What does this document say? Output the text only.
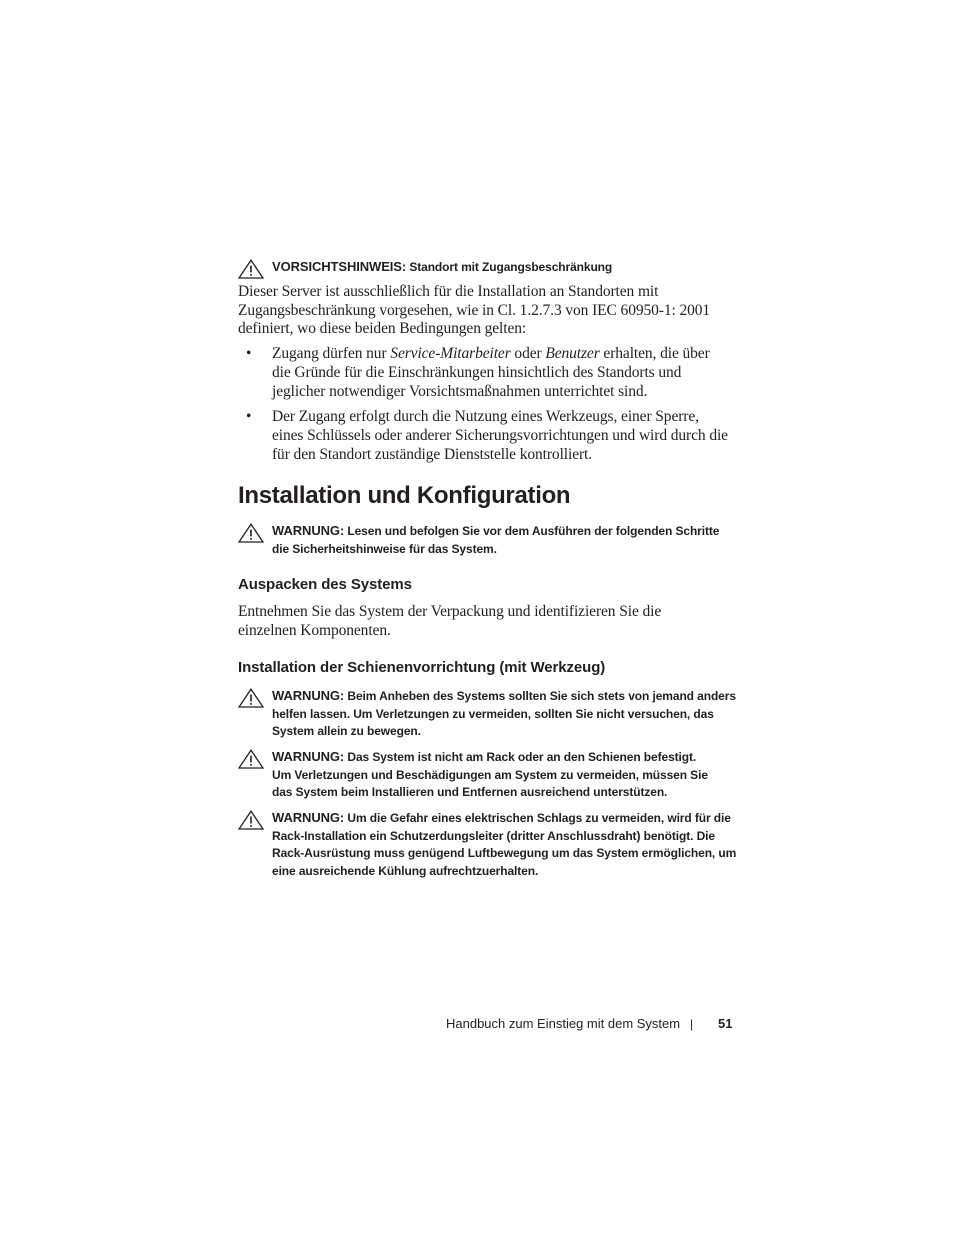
VORSICHTSHINWEIS: Standort mit Zugangsbeschränkung
Dieser Server ist ausschließlich für die Installation an Standorten mit Zugangsbeschränkung vorgesehen, wie in Cl. 1.2.7.3 von IEC 60950-1: 2001 definiert, wo diese beiden Bedingungen gelten:
• Zugang dürfen nur Service-Mitarbeiter oder Benutzer erhalten, die über die Gründe für die Einschränkungen hinsichtlich des Standorts und jeglicher notwendiger Vorsichtsmaßnahmen unterrichtet sind.
• Der Zugang erfolgt durch die Nutzung eines Werkzeugs, einer Sperre, eines Schlüssels oder anderer Sicherungsvorrichtungen und wird durch die für den Standort zuständige Dienststelle kontrolliert.
Installation und Konfiguration
WARNUNG: Lesen und befolgen Sie vor dem Ausführen der folgenden Schritte die Sicherheitshinweise für das System.
Auspacken des Systems
Entnehmen Sie das System der Verpackung und identifizieren Sie die einzelnen Komponenten.
Installation der Schienenvorrichtung (mit Werkzeug)
WARNUNG: Beim Anheben des Systems sollten Sie sich stets von jemand anders helfen lassen. Um Verletzungen zu vermeiden, sollten Sie nicht versuchen, das System allein zu bewegen.
WARNUNG: Das System ist nicht am Rack oder an den Schienen befestigt. Um Verletzungen und Beschädigungen am System zu vermeiden, müssen Sie das System beim Installieren und Entfernen ausreichend unterstützen.
WARNUNG: Um die Gefahr eines elektrischen Schlags zu vermeiden, wird für die Rack-Installation ein Schutzerdungsleiter (dritter Anschlussdraht) benötigt. Die Rack-Ausrüstung muss genügend Luftbewegung um das System ermöglichen, um eine ausreichende Kühlung aufrechtzuerhalten.
Handbuch zum Einstieg mit dem System | 51
